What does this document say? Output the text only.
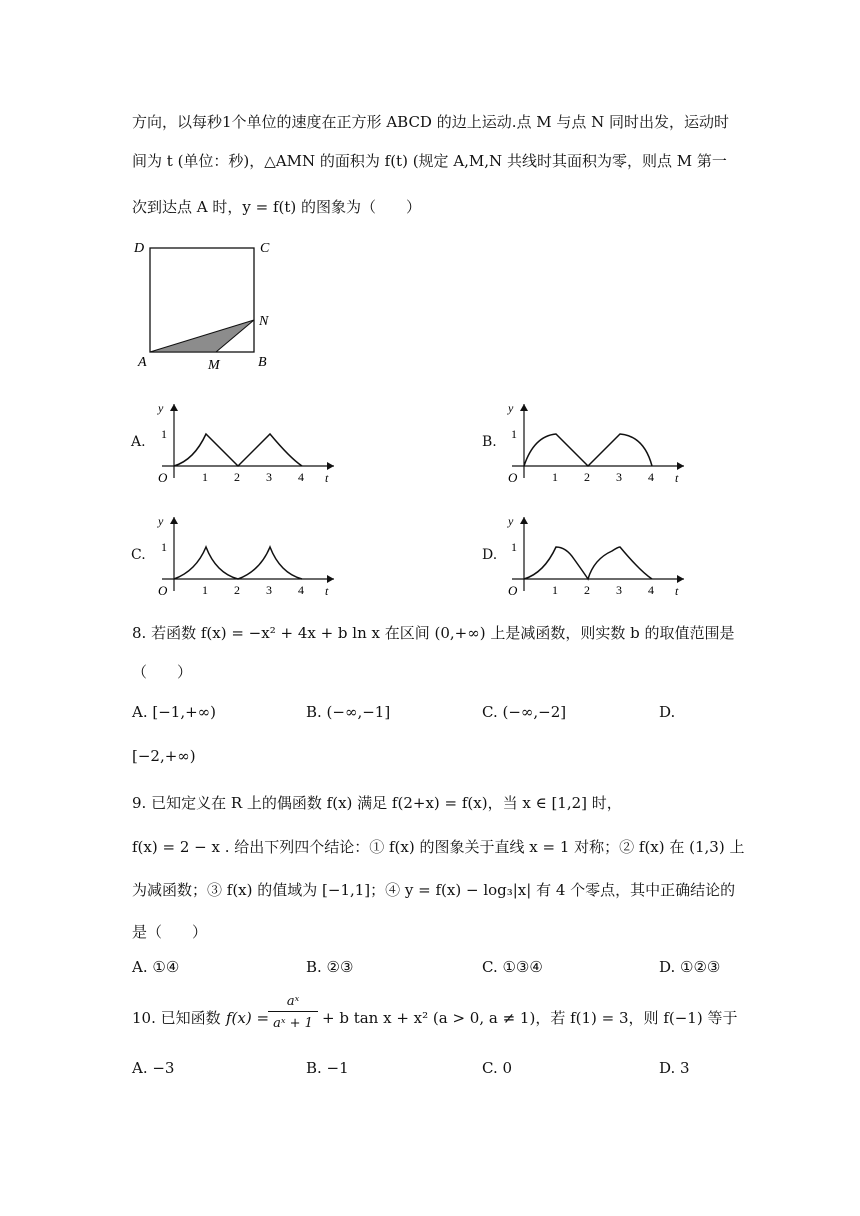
方向，以每秒1个单位的速度在正方形 ABCD 的边上运动.点 M 与点 N 同时出发，运动时
间为 t (单位：秒)，△AMN 的面积为 f(t) (规定 A,M,N 共线时其面积为零，则点 M 第一
次到达点 A 时，y = f(t) 的图象为（　　）
D	C
A	B
M
N
A.
y
1
O	t
1 2 3 4
B.
y
1
O	t
1 2 3 4
C.
y
1
O	t
1 2 3 4
D.
y
1
O	t
1 2 3 4
8. 若函数 f(x) = −x² + 4x + b ln x 在区间 (0,+∞) 上是减函数，则实数 b 的取值范围是
（　　）
A. [−1,+∞)	B. (−∞,−1]	C. (−∞,−2]	D.
[−2,+∞)
9. 已知定义在 R 上的偶函数 f(x) 满足 f(2+x) = f(x)，当 x ∈ [1,2] 时，
f(x) = 2 − x . 给出下列四个结论：① f(x) 的图象关于直线 x = 1 对称；② f(x) 在 (1,3) 上
为减函数；③ f(x) 的值域为 [−1,1]；④ y = f(x) − log₃|x| 有 4 个零点，其中正确结论的
是（　　）
A. ①④	B. ②③	C. ①③④	D. ①②③
10. 已知函数 f(x) =
aˣ
aˣ + 1 + b tan x + x² (a > 0, a ≠ 1)，若 f(1) = 3，则 f(−1) 等于
A. −3	B. −1	C. 0	D. 3
